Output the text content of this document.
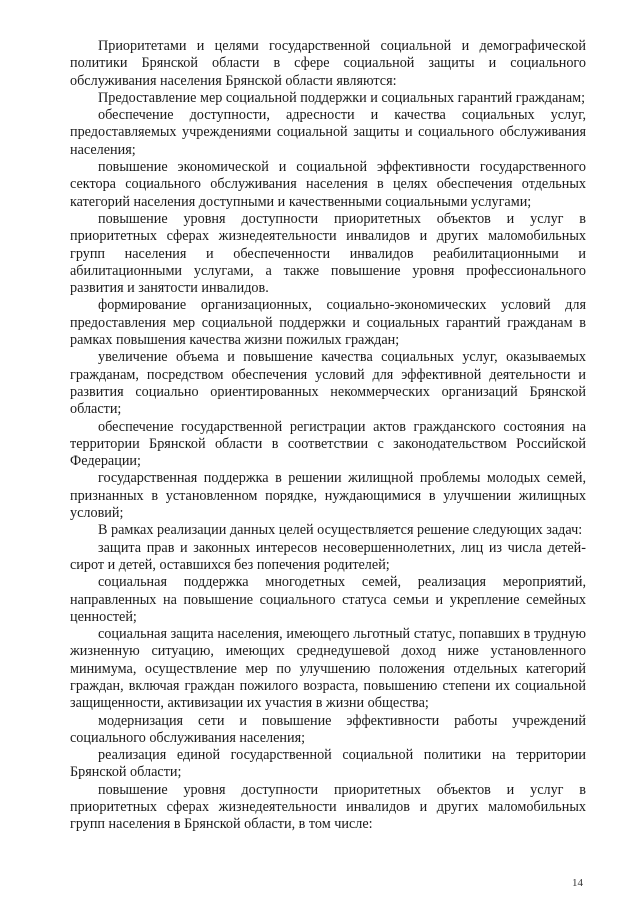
Приоритетами и целями государственной социальной и демографической политики Брянской области в сфере социальной защиты и социального обслуживания населения Брянской области являются:

Предоставление мер социальной поддержки и социальных гарантий гражданам;

обеспечение доступности, адресности и качества социальных услуг, предоставляемых учреждениями социальной защиты и социального обслуживания населения;

повышение экономической и социальной эффективности государственного сектора социального обслуживания населения в целях обеспечения отдельных категорий населения доступными и качественными социальными услугами;

повышение уровня доступности приоритетных объектов и услуг в приоритетных сферах жизнедеятельности инвалидов и других маломобильных групп населения и обеспеченности инвалидов реабилитационными и абилитационными услугами, а также повышение уровня профессионального развития и занятости инвалидов.

формирование организационных, социально-экономических условий для предоставления мер социальной поддержки и социальных гарантий гражданам в рамках повышения качества жизни пожилых граждан;

увеличение объема и повышение качества социальных услуг, оказываемых гражданам, посредством обеспечения условий для эффективной деятельности и развития социально ориентированных некоммерческих организаций Брянской области;

обеспечение государственной регистрации актов гражданского состояния на территории Брянской области в соответствии с законодательством Российской Федерации;

государственная поддержка в решении жилищной проблемы молодых семей, признанных в установленном порядке, нуждающимися в улучшении жилищных условий;

В рамках реализации данных целей осуществляется решение следующих задач:

защита прав и законных интересов несовершеннолетних, лиц из числа детей-сирот и детей, оставшихся без попечения родителей;

социальная поддержка многодетных семей, реализация мероприятий, направленных на повышение социального статуса семьи и укрепление семейных ценностей;

социальная защита населения, имеющего льготный статус, попавших в трудную жизненную ситуацию, имеющих среднедушевой доход ниже установленного минимума, осуществление мер по улучшению положения отдельных категорий граждан, включая граждан пожилого возраста, повышению степени их социальной защищенности, активизации их участия в жизни общества;

модернизация сети и повышение эффективности работы учреждений социального обслуживания населения;

реализация единой государственной социальной политики на территории Брянской области;

повышение уровня доступности приоритетных объектов и услуг в приоритетных сферах жизнедеятельности инвалидов и других маломобильных групп населения в Брянской области, в том числе:

14
